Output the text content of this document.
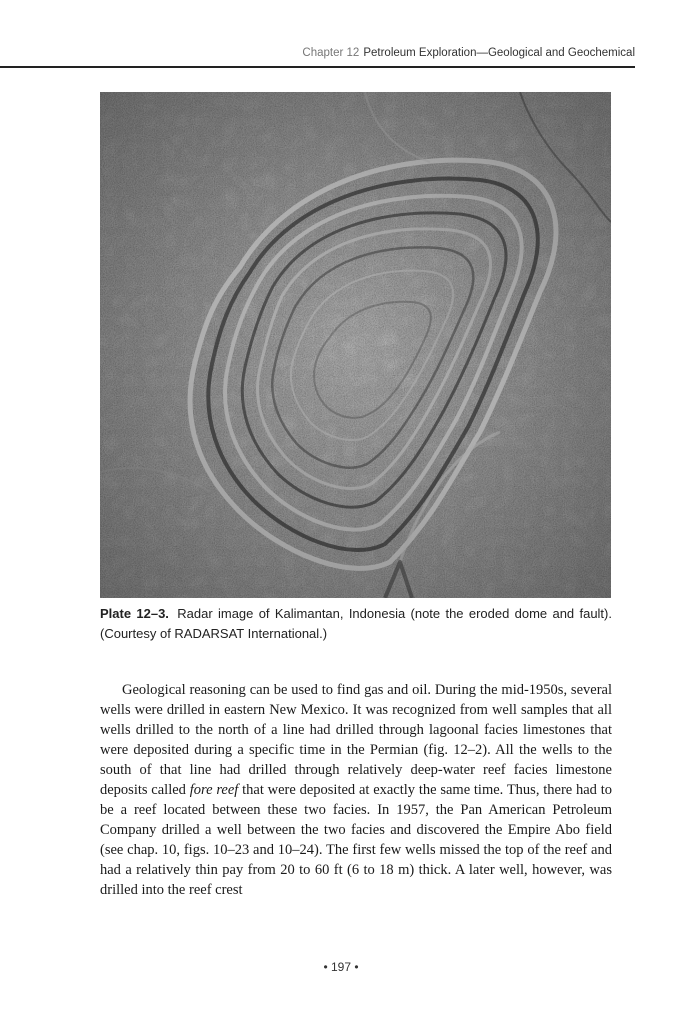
Chapter 12 Petroleum Exploration—Geological and Geochemical
Plate 12–3. Radar image of Kalimantan, Indonesia (note the eroded dome and fault). (Courtesy of RADARSAT International.)

Geological reasoning can be used to find gas and oil. During the mid-1950s, several wells were drilled in eastern New Mexico. It was recognized from well samples that all wells drilled to the north of a line had drilled through lagoonal facies limestones that were deposited during a specific time in the Permian (fig. 12–2). All the wells to the south of that line had drilled through relatively deep-water reef facies limestone deposits called fore reef that were deposited at exactly the same time. Thus, there had to be a reef located between these two facies. In 1957, the Pan American Petroleum Company drilled a well between the two facies and discovered the Empire Abo field (see chap. 10, figs. 10–23 and 10–24). The first few wells missed the top of the reef and had a relatively thin pay from 20 to 60 ft (6 to 18 m) thick. A later well, however, was drilled into the reef crest

• 197 •
